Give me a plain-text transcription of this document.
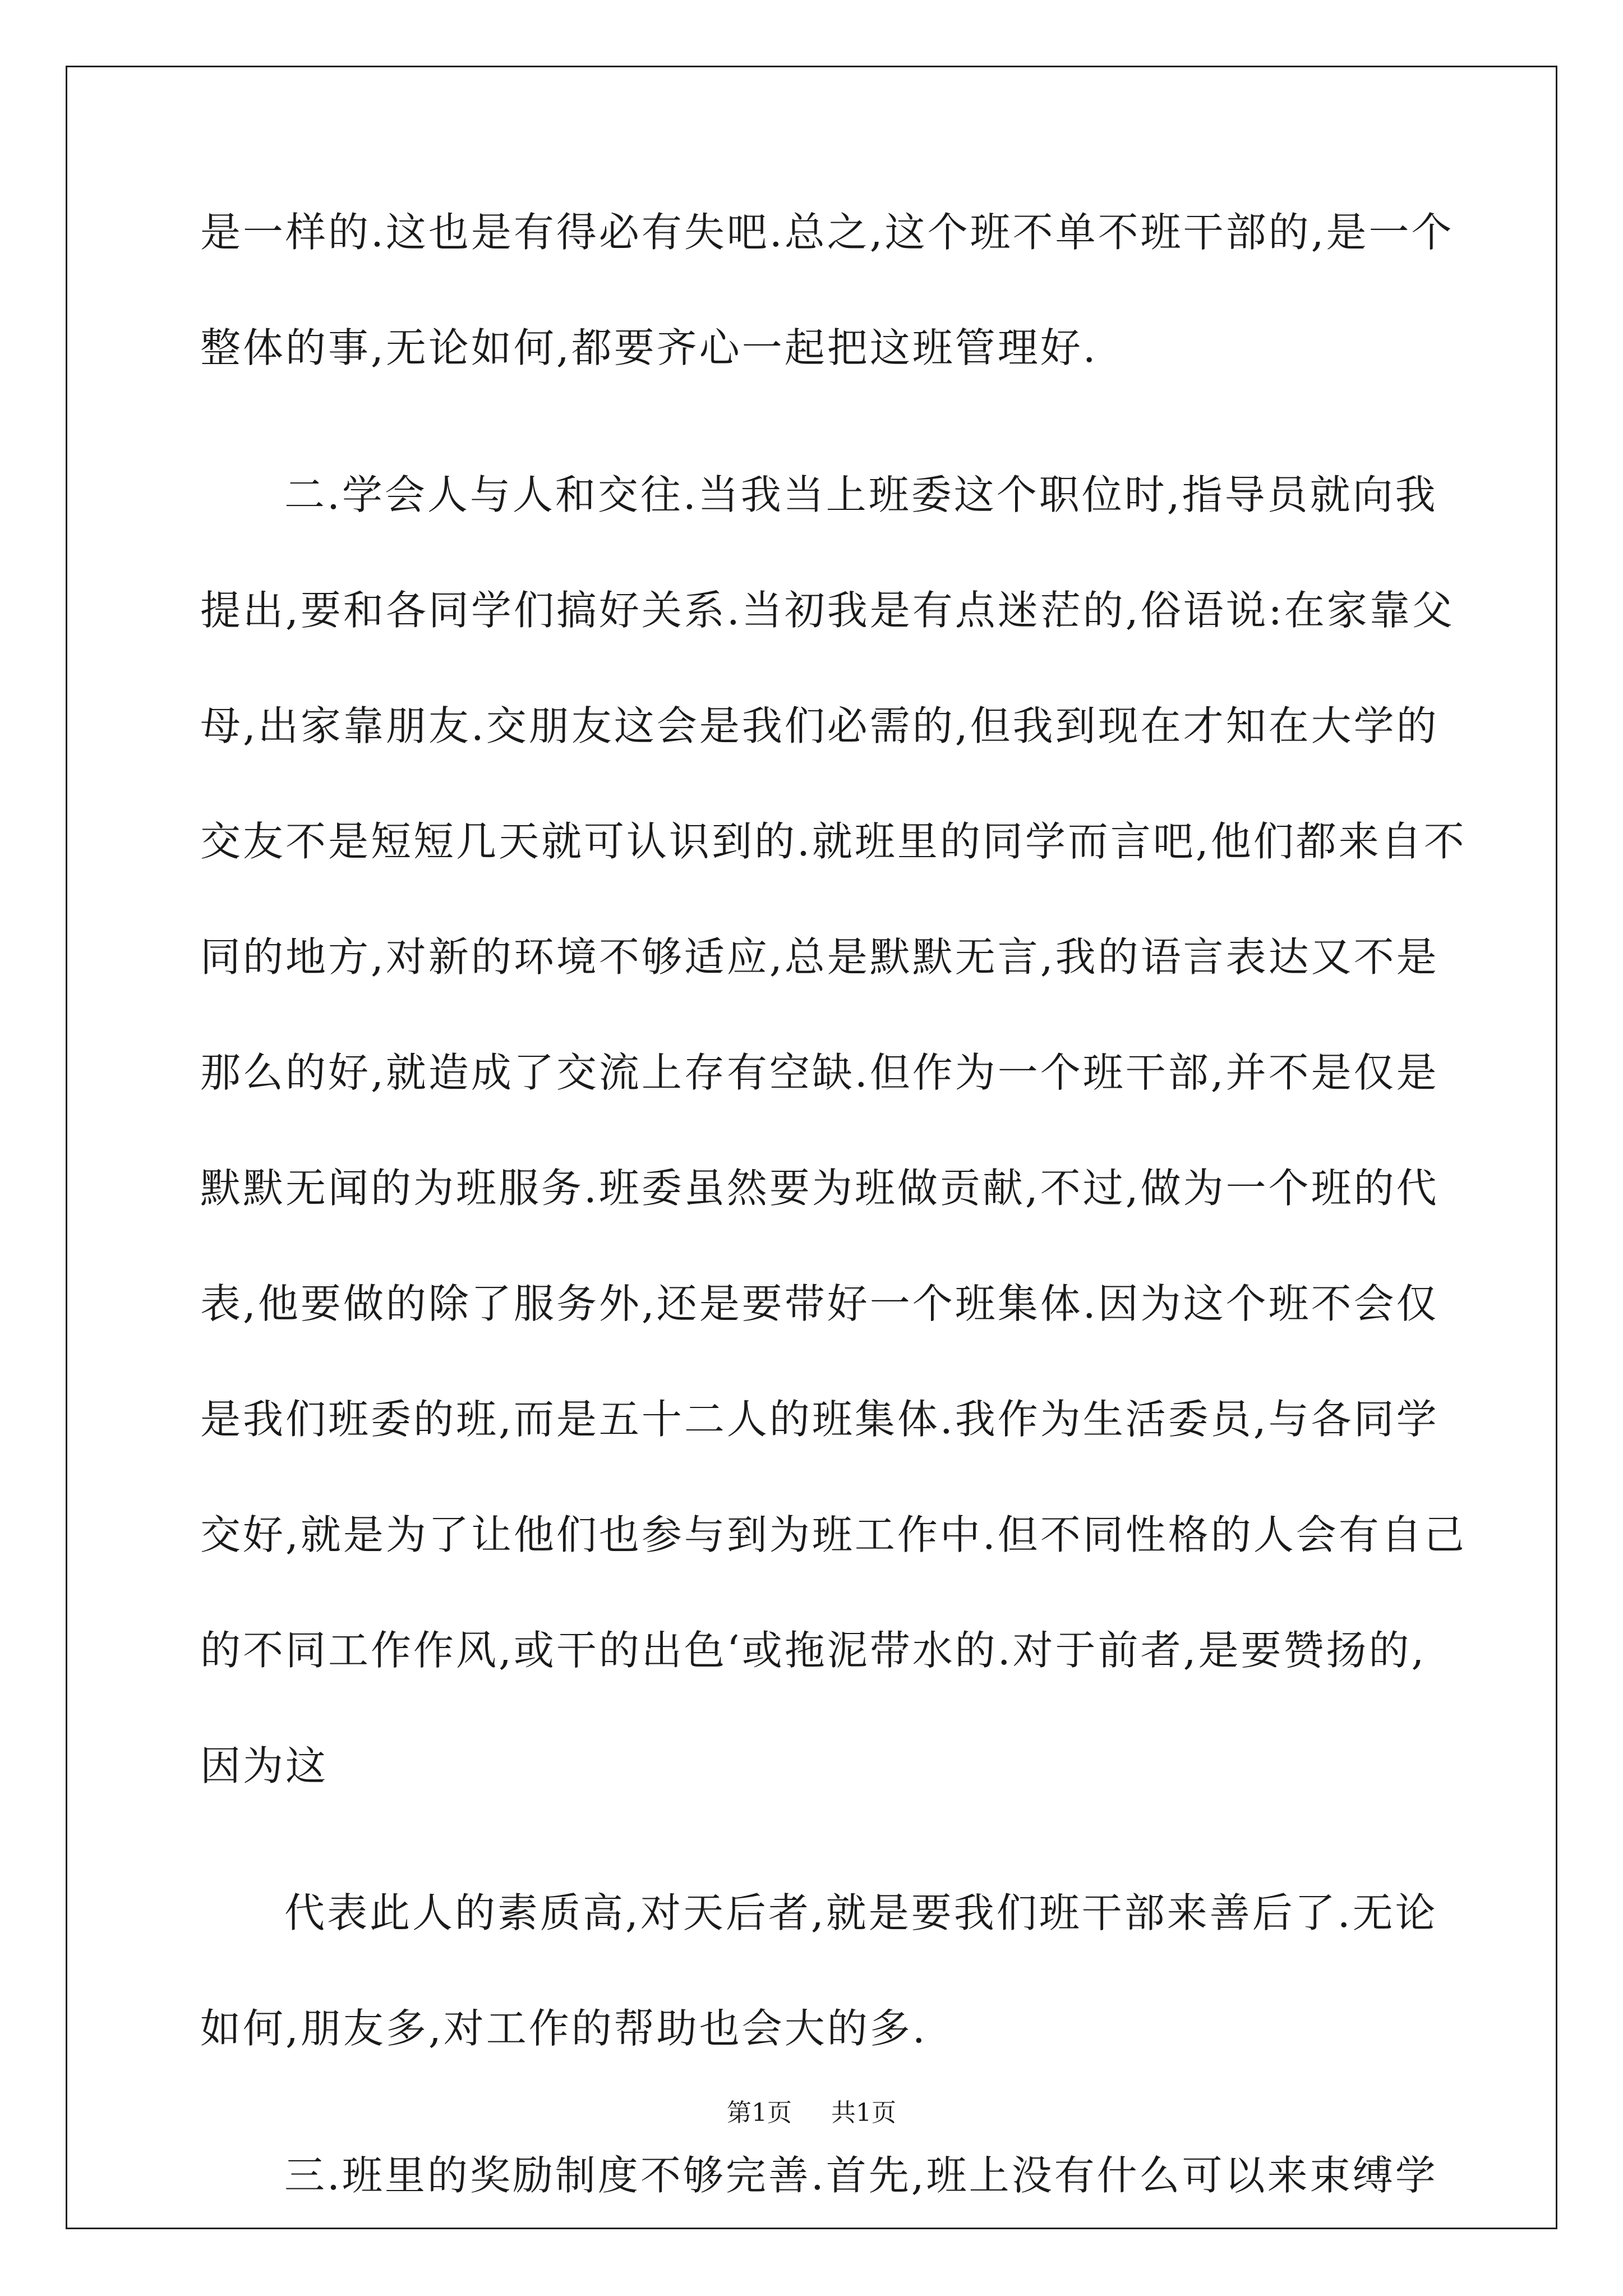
是一样的.这也是有得必有失吧.总之,这个班不单不班干部的,是一个

整体的事,无论如何,都要齐心一起把这班管理好.

二.学会人与人和交往.当我当上班委这个职位时,指导员就向我

提出,要和各同学们搞好关系.当初我是有点迷茫的,俗语说:在家靠父

母,出家靠朋友.交朋友这会是我们必需的,但我到现在才知在大学的

交友不是短短几天就可认识到的.就班里的同学而言吧,他们都来自不

同的地方,对新的环境不够适应,总是默默无言,我的语言表达又不是

那么的好,就造成了交流上存有空缺.但作为一个班干部,并不是仅是

默默无闻的为班服务.班委虽然要为班做贡献,不过,做为一个班的代

表,他要做的除了服务外,还是要带好一个班集体.因为这个班不会仅

是我们班委的班,而是五十二人的班集体.我作为生活委员,与各同学

交好,就是为了让他们也参与到为班工作中.但不同性格的人会有自己

的不同工作作风,或干的出色‘或拖泥带水的.对于前者,是要赞扬的,

因为这

代表此人的素质高,对天后者,就是要我们班干部来善后了.无论

如何,朋友多,对工作的帮助也会大的多.

三.班里的奖励制度不够完善.首先,班上没有什么可以来束缚学

第1页 共1页
